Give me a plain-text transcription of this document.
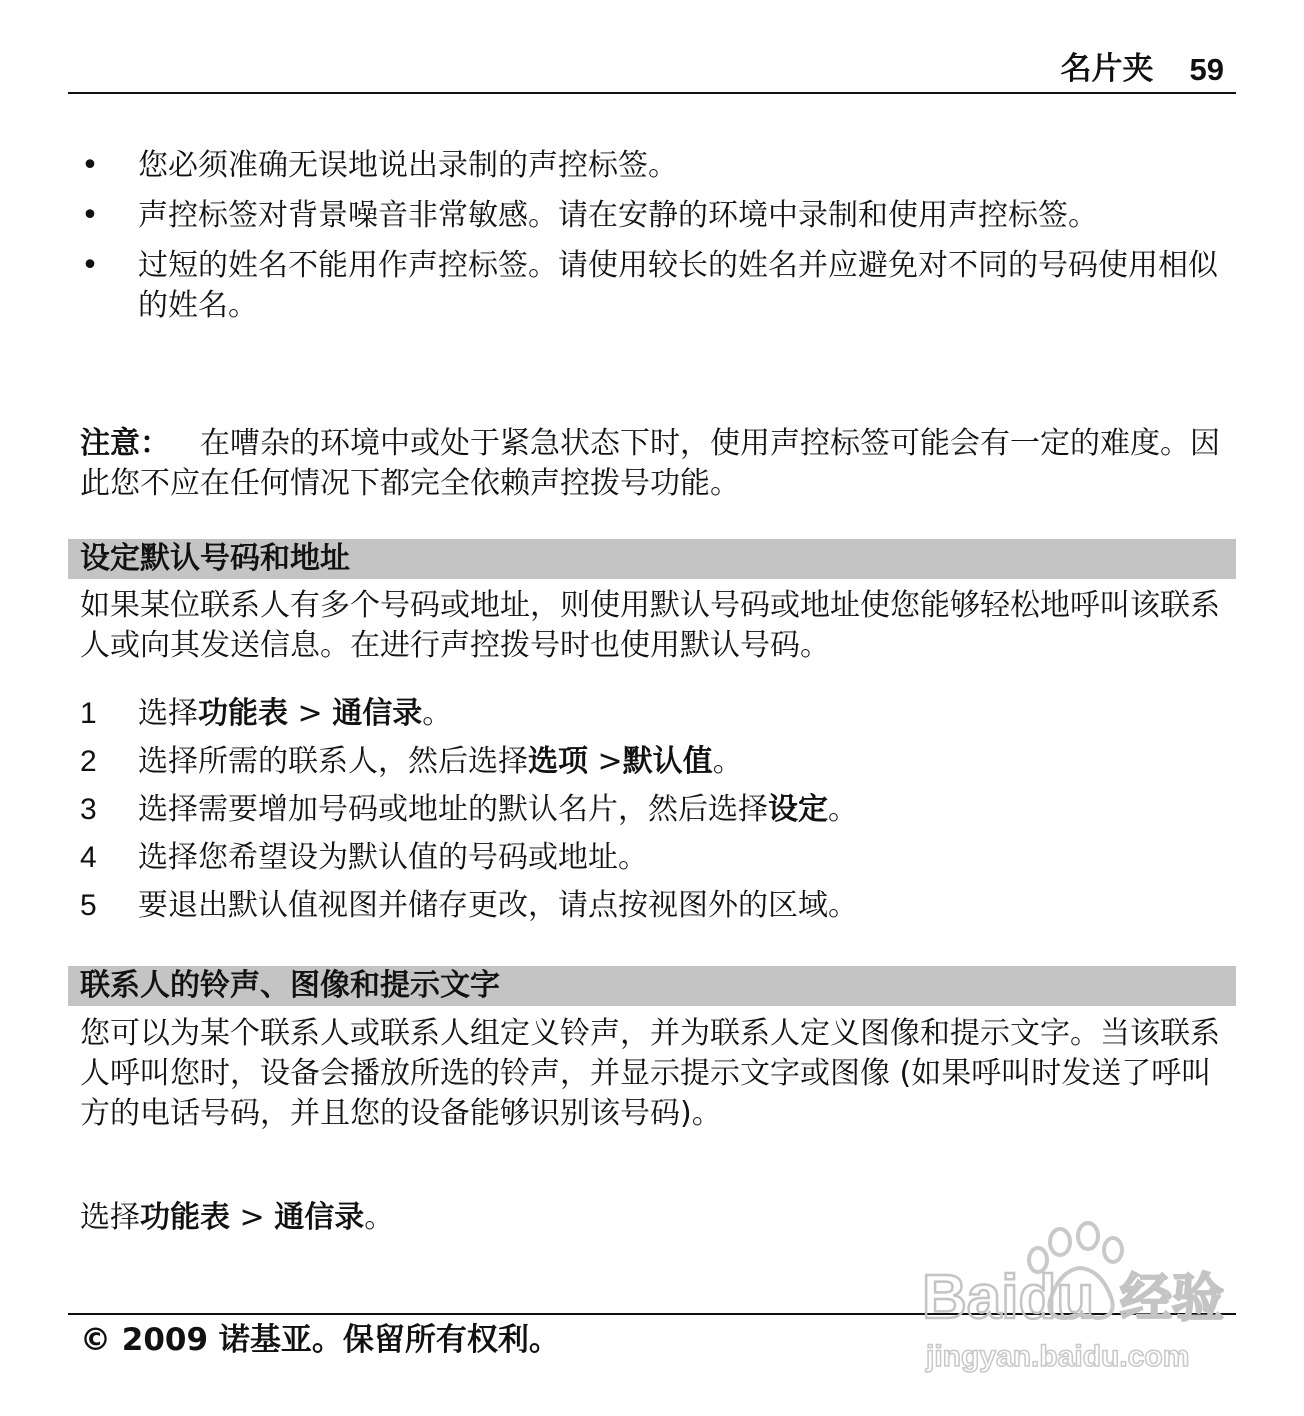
名片夹 59
• 您必须准确无误地说出录制的声控标签。
• 声控标签对背景噪音非常敏感。请在安静的环境中录制和使用声控标签。
• 过短的姓名不能用作声控标签。请使用较长的姓名并应避免对不同的号码使用相似的姓名。
注意： 在嘈杂的环境中或处于紧急状态下时，使用声控标签可能会有一定的难度。因此您不应在任何情况下都完全依赖声控拨号功能。
设定默认号码和地址
如果某位联系人有多个号码或地址，则使用默认号码或地址使您能够轻松地呼叫该联系人或向其发送信息。在进行声控拨号时也使用默认号码。
1 选择功能表 > 通信录。
2 选择所需的联系人，然后选择选项 >默认值。
3 选择需要增加号码或地址的默认名片，然后选择设定。
4 选择您希望设为默认值的号码或地址。
5 要退出默认值视图并储存更改，请点按视图外的区域。
联系人的铃声、图像和提示文字
您可以为某个联系人或联系人组定义铃声，并为联系人定义图像和提示文字。当该联系人呼叫您时，设备会播放所选的铃声，并显示提示文字或图像 (如果呼叫时发送了呼叫方的电话号码，并且您的设备能够识别该号码)。
选择功能表 > 通信录。
© 2009 诺基亚。保留所有权利。
Baidu 经验
jingyan.baidu.com
